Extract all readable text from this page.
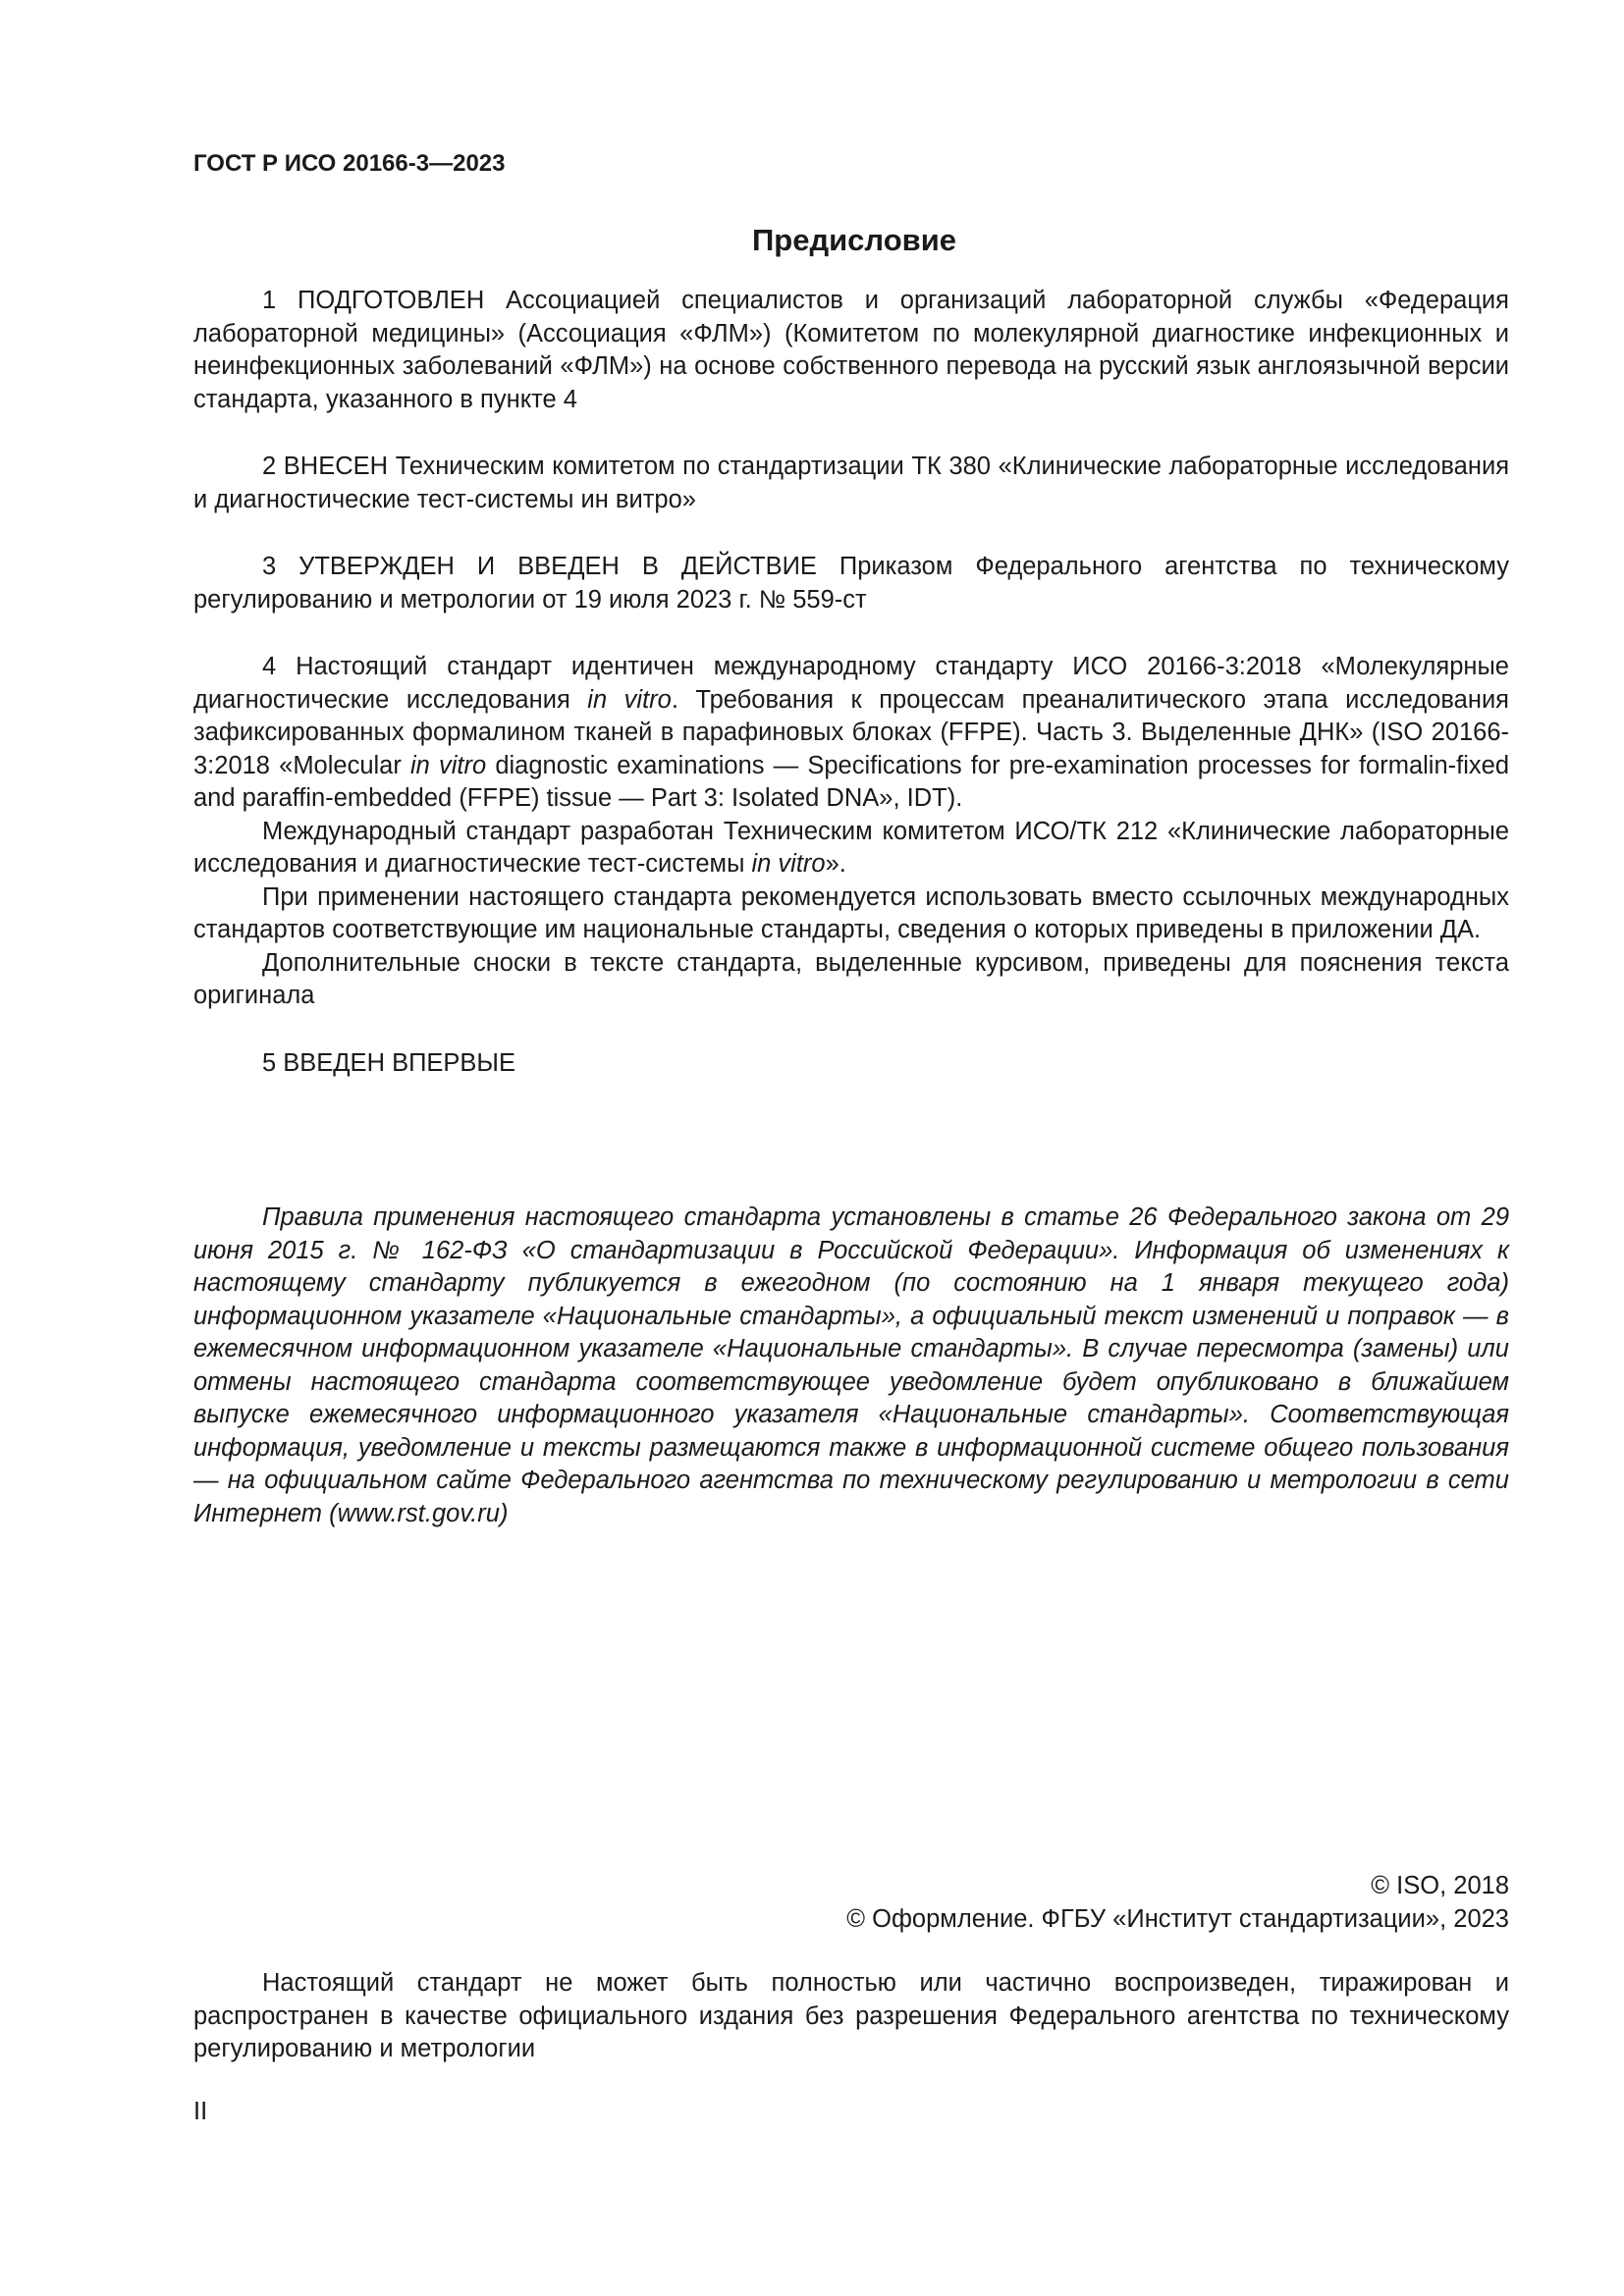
ГОСТ Р ИСО 20166-3—2023
Предисловие

1 ПОДГОТОВЛЕН Ассоциацией специалистов и организаций лабораторной службы «Федерация лабораторной медицины» (Ассоциация «ФЛМ») (Комитетом по молекулярной диагностике инфекционных и неинфекционных заболеваний «ФЛМ») на основе собственного перевода на русский язык англоязычной версии стандарта, указанного в пункте 4

2 ВНЕСЕН Техническим комитетом по стандартизации ТК 380 «Клинические лабораторные исследования и диагностические тест-системы ин витро»

3 УТВЕРЖДЕН И ВВЕДЕН В ДЕЙСТВИЕ Приказом Федерального агентства по техническому регулированию и метрологии от 19 июля 2023 г. № 559-ст

4 Настоящий стандарт идентичен международному стандарту ИСО 20166-3:2018 «Молекулярные диагностические исследования in vitro. Требования к процессам преаналитического этапа исследования зафиксированных формалином тканей в парафиновых блоках (FFPE). Часть 3. Выделенные ДНК» (ISO 20166-3:2018 «Molecular in vitro diagnostic examinations — Specifications for pre-examination processes for formalin-fixed and paraffin-embedded (FFPE) tissue — Part 3: Isolated DNA», IDT).

Международный стандарт разработан Техническим комитетом ИСО/ТК 212 «Клинические лабораторные исследования и диагностические тест-системы in vitro».

При применении настоящего стандарта рекомендуется использовать вместо ссылочных международных стандартов соответствующие им национальные стандарты, сведения о которых приведены в приложении ДА.

Дополнительные сноски в тексте стандарта, выделенные курсивом, приведены для пояснения текста оригинала

5 ВВЕДЕН ВПЕРВЫЕ

Правила применения настоящего стандарта установлены в статье 26 Федерального закона от 29 июня 2015 г. № 162-ФЗ «О стандартизации в Российской Федерации». Информация об изменениях к настоящему стандарту публикуется в ежегодном (по состоянию на 1 января текущего года) информационном указателе «Национальные стандарты», а официальный текст изменений и поправок — в ежемесячном информационном указателе «Национальные стандарты». В случае пересмотра (замены) или отмены настоящего стандарта соответствующее уведомление будет опубликовано в ближайшем выпуске ежемесячного информационного указателя «Национальные стандарты». Соответствующая информация, уведомление и тексты размещаются также в информационной системе общего пользования — на официальном сайте Федерального агентства по техническому регулированию и метрологии в сети Интернет (www.rst.gov.ru)

© ISO, 2018
© Оформление. ФГБУ «Институт стандартизации», 2023

Настоящий стандарт не может быть полностью или частично воспроизведен, тиражирован и распространен в качестве официального издания без разрешения Федерального агентства по техническому регулированию и метрологии

II
